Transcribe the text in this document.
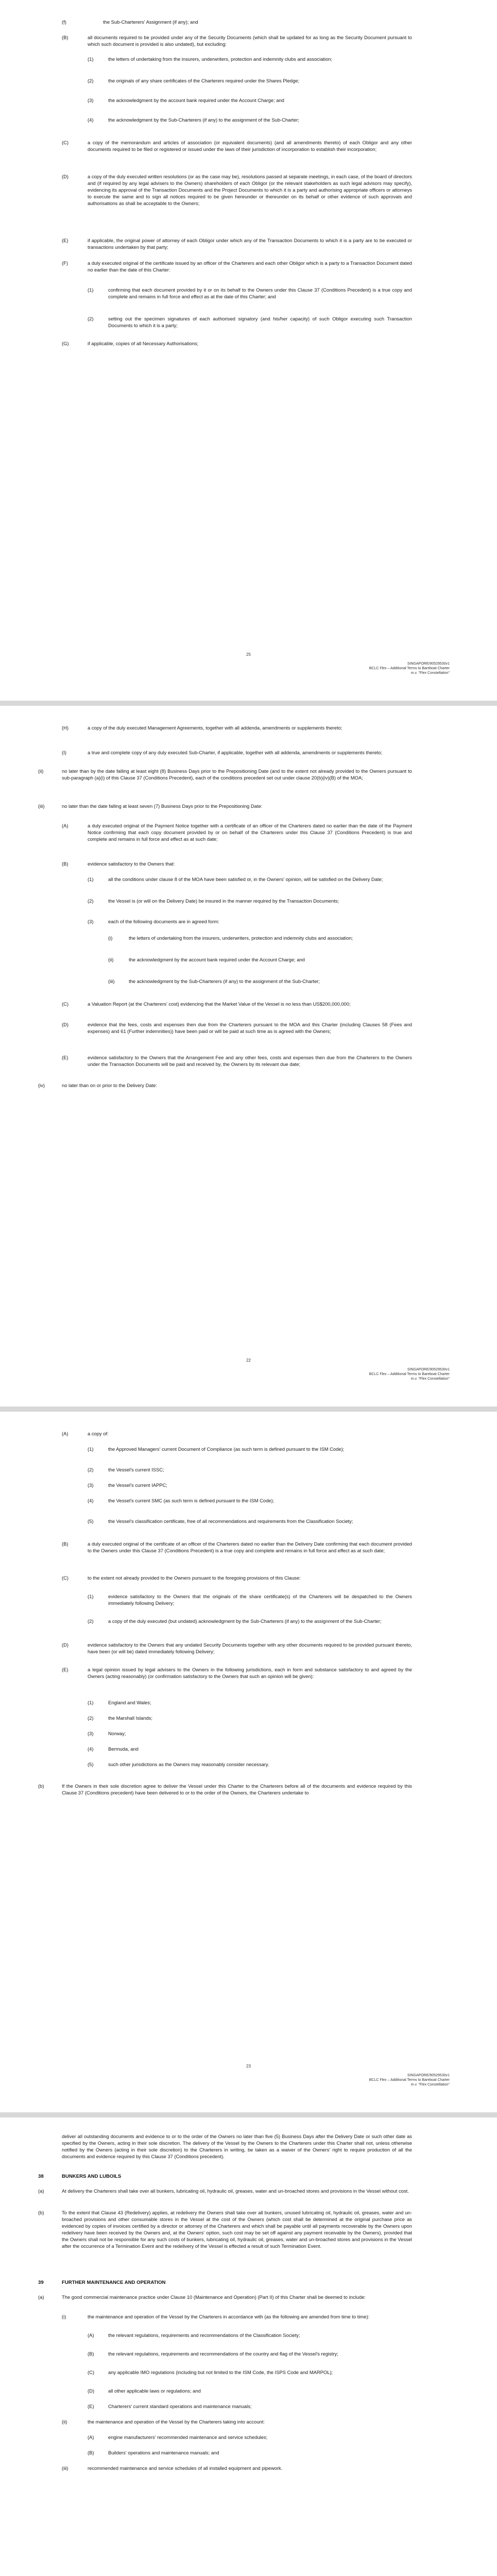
(f)	the Sub-Charterers' Assignment (if any); and
(B)	all documents required to be provided under any of the Security Documents (which shall be updated for as long as the Security Document pursuant to which such document is provided is also undated), but excluding:
(1)	the letters of undertaking from the insurers, underwriters, protection and indemnity clubs and association;
(2)	the originals of any share certificates of the Charterers required under the Shares Pledge;
(3)	the acknowledgment by the account bank required under the Account Charge; and
(4)	the acknowledgment by the Sub-Charterers (if any) to the assignment of the Sub-Charter;
(C)	a copy of the memorandum and articles of association (or equivalent documents) (and all amendments thereto) of each Obligor and any other documents required to be filed or registered or issued under the laws of their jurisdiction of incorporation to establish their incorporation;
(D)	a copy of the duly executed written resolutions (or as the case may be), resolutions passed at separate meetings, in each case, of the board of directors and (if required by any legal advisers to the Owners) shareholders of each Obligor (or the relevant stakeholders as such legal advisors may specify), evidencing its approval of the Transaction Documents and the Project Documents to which it is a party and authorising appropriate officers or attorneys to execute the same and to sign all notices required to be given hereunder or thereunder on its behalf or other evidence of such approvals and authorisations as shall be acceptable to the Owners;
(E)	if applicable, the original power of attorney of each Obligor under which any of the Transaction Documents to which it is a party are to be executed or transactions undertaken by that party;
(F)	a duly executed original of the certificate issued by an officer of the Charterers and each other Obligor which is a party to a Transaction Document dated no earlier than the date of this Charter:
(1)	confirming that each document provided by it or on its behalf to the Owners under this Clause 37 (Conditions Precedent) is a true copy and complete and remains in full force and effect as at the date of this Charter; and
(2)	setting out the specimen signatures of each authorised signatory (and his/her capacity) of such Obligor executing such Transaction Documents to which it is a party;
(G)	if applicable, copies of all Necessary Authorisations;
25
SINGAPORE/90529530v1
BCLC Flex – Additional Terms to Bareboat Charter
m.v. "Flex Constellation"
(H)	a copy of the duly executed Management Agreements, together with all addenda, amendments or supplements thereto;
(I)	a true and complete copy of any duly executed Sub-Charter, if applicable, together with all addenda, amendments or supplements thereto;
(ii)	no later than by the date falling at least eight (8) Business Days prior to the Prepositioning Date (and to the extent not already provided to the Owners pursuant to sub-paragraph (a)(i) of this Clause 37 (Conditions Precedent), each of the conditions precedent set out under clause 20(b)(iv)(B) of the MOA;
(iii)	no later than the date falling at least seven (7) Business Days prior to the Prepositioning Date:
(A)	a duly executed original of the Payment Notice together with a certificate of an officer of the Charterers dated no earlier than the date of the Payment Notice confirming that each copy document provided by or on behalf of the Charterers under this Clause 37 (Conditions Precedent) is true and complete and remains in full force and effect as at such date;
(B)	evidence satisfactory to the Owners that:
(1)	all the conditions under clause 8 of the MOA have been satisfied or, in the Owners' opinion, will be satisfied on the Delivery Date;
(2)	the Vessel is (or will on the Delivery Date) be insured in the manner required by the Transaction Documents;
(3)	each of the following documents are in agreed form:
(i)	the letters of undertaking from the insurers, underwriters, protection and indemnity clubs and association;
(ii)	the acknowledgment by the account bank required under the Account Charge; and
(iii)	the acknowledgment by the Sub-Charterers (if any) to the assignment of the Sub-Charter;
(C)	a Valuation Report (at the Charterers' cost) evidencing that the Market Value of the Vessel is no less than US$200,000,000;
(D)	evidence that the fees, costs and expenses then due from the Charterers pursuant to the MOA and this Charter (including Clauses 58 (Fees and expenses) and 61 (Further indemnities)) have been paid or will be paid at such time as is agreed with the Owners;
(E)	evidence satisfactory to the Owners that the Arrangement Fee and any other fees, costs and expenses then due from the Charterers to the Owners under the Transaction Documents will be paid and received by, the Owners by its relevant due date;
(iv)	no later than on or prior to the Delivery Date:
22
SINGAPORE/90529530v1
BCLC Flex – Additional Terms to Bareboat Charter
m.v. "Flex Constellation"
(A)	a copy of:
(1)	the Approved Managers' current Document of Compliance (as such term is defined pursuant to the ISM Code);
(2)	the Vessel's current ISSC;
(3)	the Vessel's current IAPPC;
(4)	the Vessel's current SMC (as such term is defined pursuant to the ISM Code);
(5)	the Vessel's classification certificate, free of all recommendations and requirements from the Classification Society;
(B)	a duly executed original of the certificate of an officer of the Charterers dated no earlier than the Delivery Date confirming that each document provided to the Owners under this Clause 37 (Conditions Precedent) is a true copy and complete and remains in full force and effect as at such date;
(C)	to the extent not already provided to the Owners pursuant to the foregoing provisions of this Clause:
(1)	evidence satisfactory to the Owners that the originals of the share certificate(s) of the Charterers will be despatched to the Owners immediately following Delivery;
(2)	a copy of the duly executed (but undated) acknowledgment by the Sub-Charterers (if any) to the assignment of the Sub-Charter;
(D)	evidence satisfactory to the Owners that any undated Security Documents together with any other documents required to be provided pursuant thereto, have been (or will be) dated immediately following Delivery;
(E)	a legal opinion issued by legal advisers to the Owners in the following jurisdictions, each in form and substance satisfactory to and agreed by the Owners (acting reasonably) (or confirmation satisfactory to the Owners that such an opinion will be given):
(1)	England and Wales;
(2)	the Marshall Islands;
(3)	Norway;
(4)	Bermuda, and
(5)	such other jurisdictions as the Owners may reasonably consider necessary.
(b)	If the Owners in their sole discretion agree to deliver the Vessel under this Charter to the Charterers before all of the documents and evidence required by this Clause 37 (Conditions precedent) have been delivered to or to the order of the Owners, the Charterers undertake to
23
SINGAPORE/90529530v1
BCLC Flex – Additional Terms to Bareboat Charter
m.v. "Flex Constellation"
deliver all outstanding documents and evidence to or to the order of the Owners no later than five (5) Business Days after the Delivery Date or such other date as specified by the Owners, acting in their sole discretion. The delivery of the Vessel by the Owners to the Charterers under this Charter shall not, unless otherwise notified by the Owners (acting in their sole discretion) to the Charterers in writing, be taken as a waiver of the Owners' right to require production of all the documents and evidence required by this Clause 37 (Conditions precedent).
38	BUNKERS AND LUBOILS
(a)	At delivery the Charterers shall take over all bunkers, lubricating oil, hydraulic oil, greases, water and un-broached stores and provisions in the Vessel without cost.
(b)	To the extent that Clause 43 (Redelivery) applies, at redelivery the Owners shall take over all bunkers, unused lubricating oil, hydraulic oil, greases, water and un-broached provisions and other consumable stores in the Vessel at the cost of the Owners (which cost shall be determined at the original purchase price as evidenced by copies of invoices certified by a director or attorney of the Charterers and which shall be payable until all payments recoverable by the Owners upon redelivery have been received by the Owners and, at the Owners' option, such cost may be set off against any payment receivable by the Owners), provided that the Owners shall not be responsible for any such costs of bunkers, lubricating oil, hydraulic oil, greases, water and un-broached stores and provisions in the Vessel after the occurrence of a Termination Event and the redelivery of the Vessel is effected a result of such Termination Event.
39	FURTHER MAINTENANCE AND OPERATION
(a)	The good commercial maintenance practice under Clause 10 (Maintenance and Operation) (Part II) of this Charter shall be deemed to include:
(i)	the maintenance and operation of the Vessel by the Charterers in accordance with (as the following are amended from time to time):
(A)	the relevant regulations, requirements and recommendations of the Classification Society;
(B)	the relevant regulations, requirements and recommendations of the country and flag of the Vessel's registry;
(C)	any applicable IMO regulations (including but not limited to the ISM Code, the ISPS Code and MARPOL);
(D)	all other applicable laws or regulations; and
(E)	Charterers' current standard operations and maintenance manuals;
(ii)	the maintenance and operation of the Vessel by the Charterers taking into account:
(A)	engine manufacturers' recommended maintenance and service schedules;
(B)	Builders' operations and maintenance manuals; and
(iii)	recommended maintenance and service schedules of all installed equipment and pipework.
